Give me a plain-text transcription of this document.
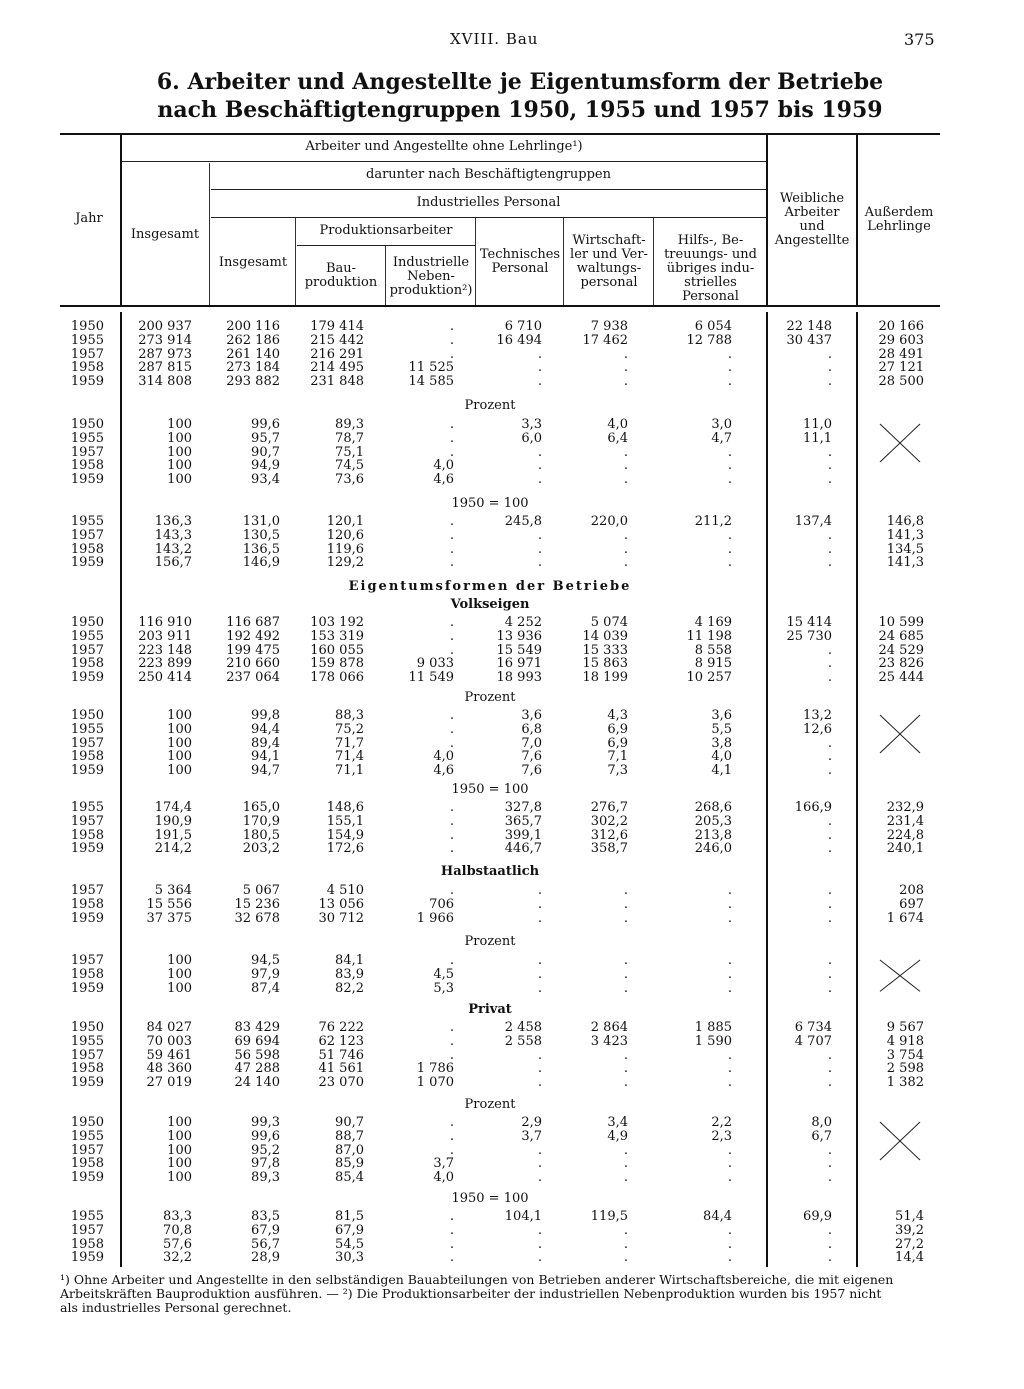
XVIII. Bau	375
6. Arbeiter und Angestellte je Eigentumsform der Betriebe
nach Beschäftigtengruppen 1950, 1955 und 1957 bis 1959
Jahr
Arbeiter und Angestellte ohne Lehrlinge¹)
Insgesamt
darunter nach Beschäftigtengruppen
Industrielles Personal
Insgesamt
Produktionsarbeiter
Bau-
produktion
Industrielle
Neben-
produktion²)
Technisches
Personal
Wirtschaft-
ler und Ver-
waltungs-
personal
Hilfs-, Be-
treuungs- und
übriges indu-
strielles Personal
Weibliche
Arbeiter
und
Angestellte
Außerdem
Lehrlinge
Eigentumsformen der Betriebe
1950	200 937	200 116	179 414	.	6 710	7 938	6 054	22 148	20 166
1955	273 914	262 186	215 442	.	16 494	17 462	12 788	30 437	29 603
1957	287 973	261 140	216 291	.	.	.	.	.	28 491
1958	287 815	273 184	214 495	11 525	.	.	.	.	27 121
1959	314 808	293 882	231 848	14 585	.	.	.	.	28 500
Prozent
1950	100	99,6	89,3	.	3,3	4,0	3,0	11,0
1955	100	95,7	78,7	.	6,0	6,4	4,7	11,1
1957	100	90,7	75,1	.	.	.	.	.
1958	100	94,9	74,5	4,0	.	.	.	.
1959	100	93,4	73,6	4,6	.	.	.	.
1950 = 100
1955	136,3	131,0	120,1	.	245,8	220,0	211,2	137,4	146,8
1957	143,3	130,5	120,6	.	.	.	.	.	141,3
1958	143,2	136,5	119,6	.	.	.	.	.	134,5
1959	156,7	146,9	129,2	.	.	.	.	.	141,3
Volkseigen
1950	116 910	116 687	103 192	.	4 252	5 074	4 169	15 414	10 599
1955	203 911	192 492	153 319	.	13 936	14 039	11 198	25 730	24 685
1957	223 148	199 475	160 055	.	15 549	15 333	8 558	.	24 529
1958	223 899	210 660	159 878	9 033	16 971	15 863	8 915	.	23 826
1959	250 414	237 064	178 066	11 549	18 993	18 199	10 257	.	25 444
Prozent
1950	100	99,8	88,3	.	3,6	4,3	3,6	13,2
1955	100	94,4	75,2	.	6,8	6,9	5,5	12,6
1957	100	89,4	71,7	.	7,0	6,9	3,8	.
1958	100	94,1	71,4	4,0	7,6	7,1	4,0	.
1959	100	94,7	71,1	4,6	7,6	7,3	4,1	.
1950 = 100
1955	174,4	165,0	148,6	.	327,8	276,7	268,6	166,9	232,9
1957	190,9	170,9	155,1	.	365,7	302,2	205,3	.	231,4
1958	191,5	180,5	154,9	.	399,1	312,6	213,8	.	224,8
1959	214,2	203,2	172,6	.	446,7	358,7	246,0	.	240,1
Halbstaatlich
1957	5 364	5 067	4 510	.	.	.	.	.	208
1958	15 556	15 236	13 056	706	.	.	.	.	697
1959	37 375	32 678	30 712	1 966	.	.	.	.	1 674
Prozent
1957	100	94,5	84,1	.	.	.	.	.
1958	100	97,9	83,9	4,5	.	.	.	.
1959	100	87,4	82,2	5,3	.	.	.	.
Privat
1950	84 027	83 429	76 222	.	2 458	2 864	1 885	6 734	9 567
1955	70 003	69 694	62 123	.	2 558	3 423	1 590	4 707	4 918
1957	59 461	56 598	51 746	.	.	.	.	.	3 754
1958	48 360	47 288	41 561	1 786	.	.	.	.	2 598
1959	27 019	24 140	23 070	1 070	.	.	.	.	1 382
Prozent
1950	100	99,3	90,7	.	2,9	3,4	2,2	8,0
1955	100	99,6	88,7	.	3,7	4,9	2,3	6,7
1957	100	95,2	87,0	.	.	.	.	.
1958	100	97,8	85,9	3,7	.	.	.	.
1959	100	89,3	85,4	4,0	.	.	.	.
1950 = 100
1955	83,3	83,5	81,5	.	104,1	119,5	84,4	69,9	51,4
1957	70,8	67,9	67,9	.	.	.	.	.	39,2
1958	57,6	56,7	54,5	.	.	.	.	.	27,2
1959	32,2	28,9	30,3	.	.	.	.	.	14,4
¹) Ohne Arbeiter und Angestellte in den selbständigen Bauabteilungen von Betrieben anderer Wirtschaftsbereiche, die mit eigenen
Arbeitskräften Bauproduktion ausführen. — ²) Die Produktionsarbeiter der industriellen Nebenproduktion wurden bis 1957 nicht
als industrielles Personal gerechnet.
